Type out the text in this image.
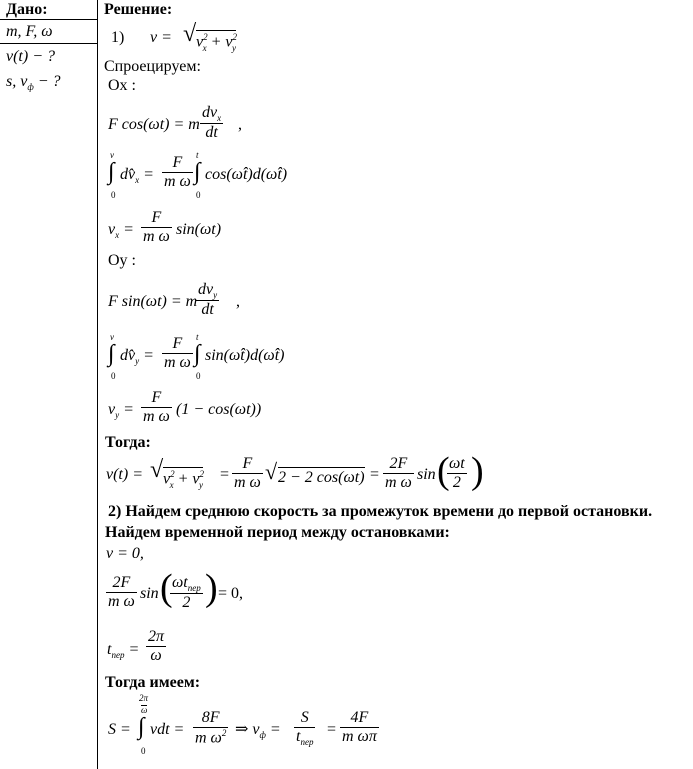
Дано:
m, F, ω
v(t) − ?
s, $v_ф$ − ?
Решение:
1) v = √ $v^2_x + v^2_y$
Спроецируем:
Ox :
F cos(ωt) = m
$dv_x$
dt	,
v
∫
0
$dv̂_x$ =
F
m ω
t
∫
0
cos(ωt̂)d(ωt̂)
$v_x$ =
F
m ω sin(ωt)
Oy :
F sin(ωt) = m
$dv_y$
dt	,
v
∫
0
$dv̂_y$ =
F
m ω
t
∫
0
sin(ωt̂)d(ωt̂)
$v_y$ =
F
m ω (1 − cos(ωt))
Тогда:
v(t) = √ $v^2_x + v^2_y$
=
F
m ω √ 2 − 2 cos(ωt) =
2F
m ω sin ( ωt
2 )
2) Найдем среднюю скорость за промежуток времени до первой остановки.
Найдем временной период между остановками:
v = 0,
2F
m ω sin ( $\omega t_{пер}$
2 ) = 0,
$t_{пер}$ =
2π
ω
Тогда имеем:
S =
2π
ω
∫
0
vdt =
8F
m $\omega^2$ ⇒ $v_ф$ =
S
$t_{пер}$
=
4F
m ωπ
